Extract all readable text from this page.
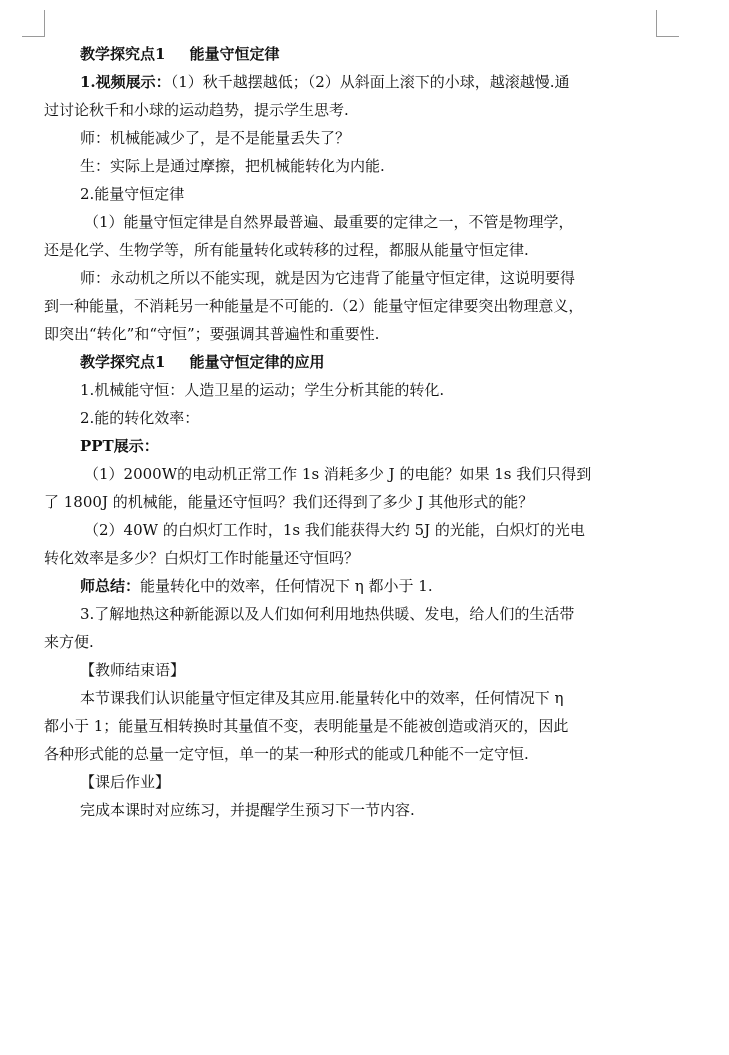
教学探究点1 能量守恒定律
1.视频展示：（1）秋千越摆越低；（2）从斜面上滚下的小球，越滚越慢.通
过讨论秋千和小球的运动趋势，提示学生思考.
师：机械能减少了，是不是能量丢失了？
生：实际上是通过摩擦，把机械能转化为内能.
2.能量守恒定律
（1）能量守恒定律是自然界最普遍、最重要的定律之一，不管是物理学，
还是化学、生物学等，所有能量转化或转移的过程，都服从能量守恒定律.
师：永动机之所以不能实现，就是因为它违背了能量守恒定律，这说明要得
到一种能量，不消耗另一种能量是不可能的.（2）能量守恒定律要突出物理意义，
即突出“转化”和“守恒”；要强调其普遍性和重要性.
教学探究点1 能量守恒定律的应用
1.机械能守恒：人造卫星的运动；学生分析其能的转化.
2.能的转化效率：
PPT展示：
（1）2000W的电动机正常工作 1s 消耗多少 J 的电能？如果 1s 我们只得到
了 1800J 的机械能，能量还守恒吗？我们还得到了多少 J 其他形式的能？
（2）40W 的白炽灯工作时，1s 我们能获得大约 5J 的光能，白炽灯的光电
转化效率是多少？白炽灯工作时能量还守恒吗？
师总结：能量转化中的效率，任何情况下 η 都小于 1.
3.了解地热这种新能源以及人们如何利用地热供暖、发电，给人们的生活带
来方便.
【教师结束语】
本节课我们认识能量守恒定律及其应用.能量转化中的效率，任何情况下 η
都小于 1；能量互相转换时其量值不变，表明能量是不能被创造或消灭的，因此
各种形式能的总量一定守恒，单一的某一种形式的能或几种能不一定守恒.
【课后作业】
完成本课时对应练习，并提醒学生预习下一节内容.
